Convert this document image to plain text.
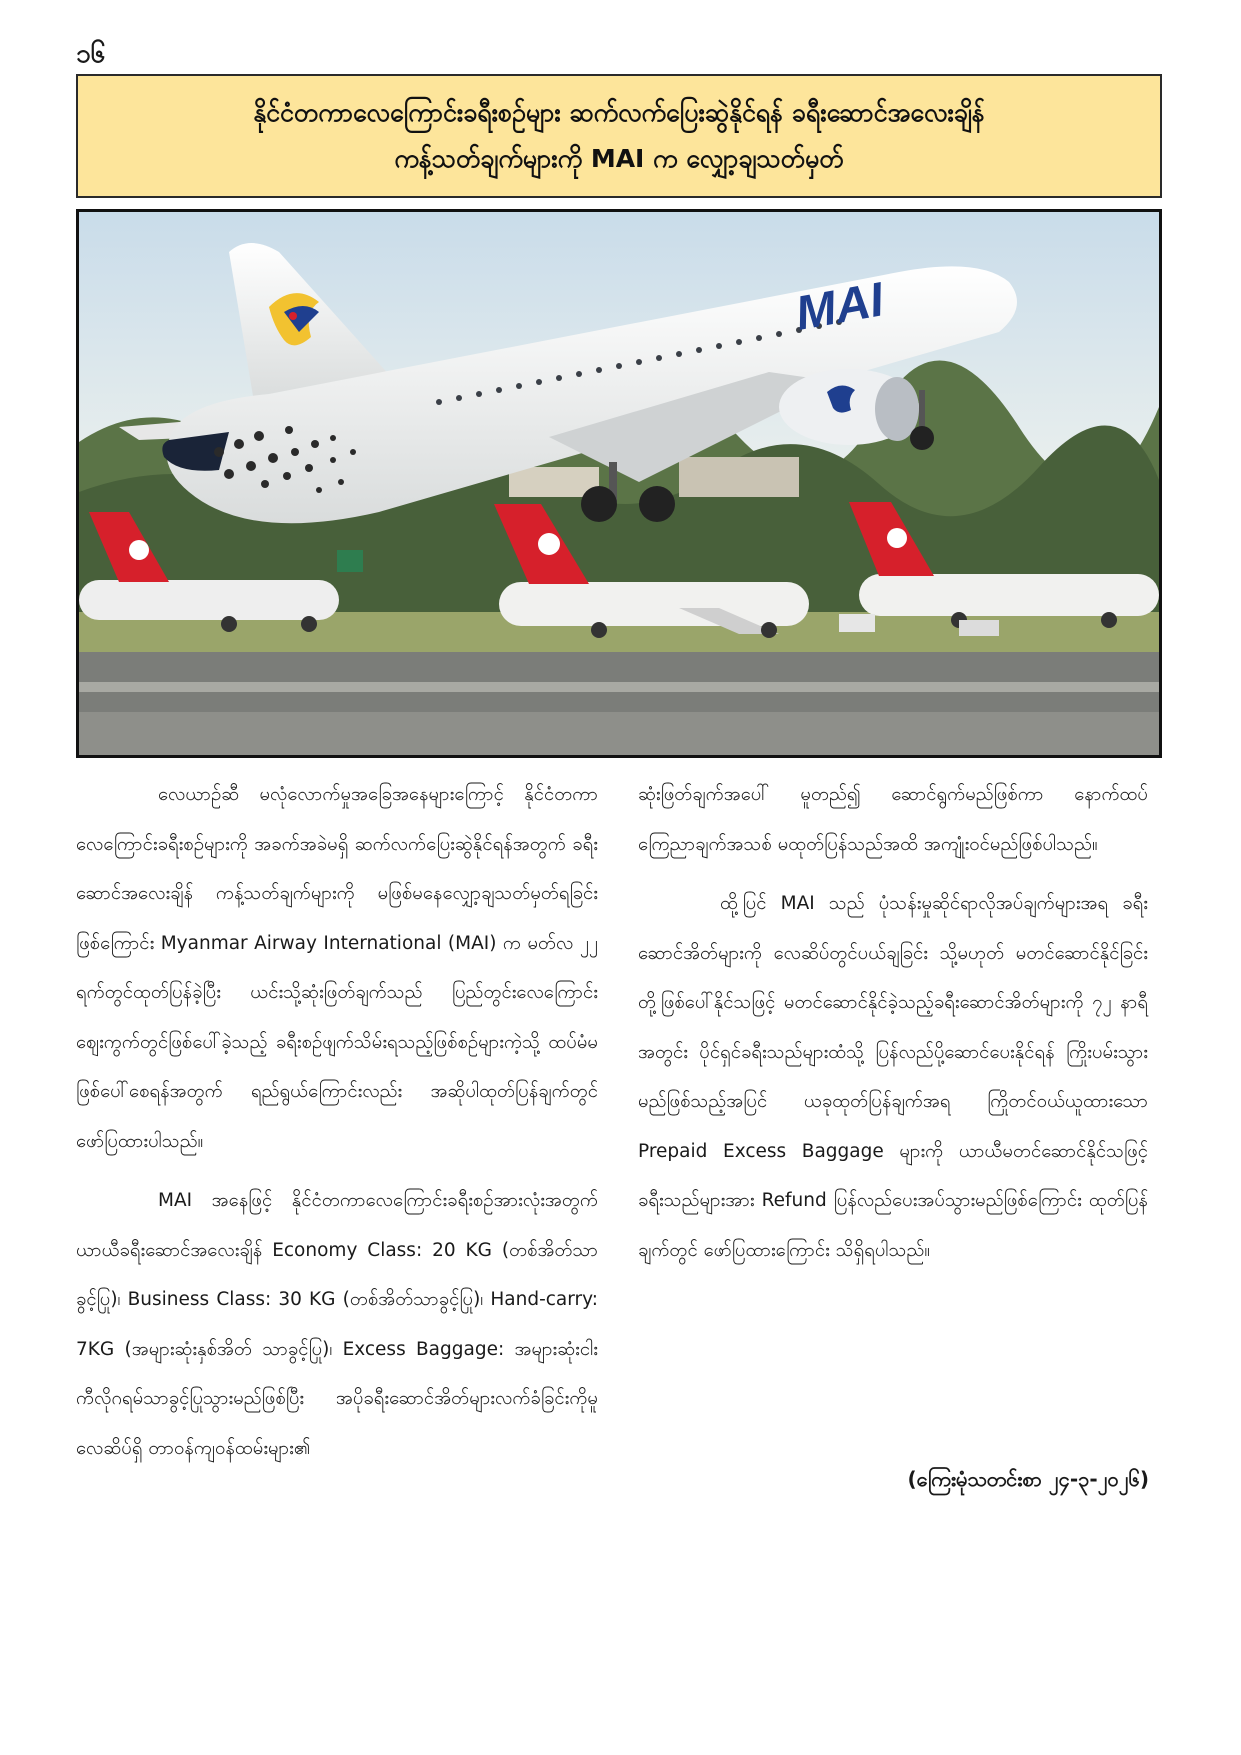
၁၆
နိုင်ငံတကာလေကြောင်းခရီးစဉ်များ ဆက်လက်ပြေးဆွဲနိုင်ရန် ခရီးဆောင်အလေးချိန်
ကန့်သတ်ချက်များကို MAI က လျှော့ချသတ်မှတ်
MAI

လေယာဉ်ဆီ မလုံလောက်မှုအခြေအနေများကြောင့် နိုင်ငံတကာလေကြောင်းခရီးစဉ်များကို အခက်အခဲမရှိ ဆက်လက်ပြေးဆွဲနိုင်ရန်အတွက် ခရီးဆောင်အလေးချိန် ကန့်သတ်ချက်များကို မဖြစ်မနေလျှော့ချသတ်မှတ်ရခြင်း ဖြစ်ကြောင်း Myanmar Airway International (MAI) က မတ်လ ၂၂ ရက်တွင်ထုတ်ပြန်ခဲ့ပြီး ယင်းသို့ဆုံးဖြတ်ချက်သည် ပြည်တွင်းလေကြောင်းဈေးကွက်တွင်ဖြစ်ပေါ်ခဲ့သည့် ခရီးစဉ်ဖျက်သိမ်းရသည့်ဖြစ်စဉ်များကဲ့သို့ ထပ်မံမဖြစ်ပေါ်စေရန်အတွက် ရည်ရွယ်ကြောင်းလည်း အဆိုပါထုတ်ပြန်ချက်တွင် ဖော်ပြထားပါသည်။

MAI အနေဖြင့် နိုင်ငံတကာလေကြောင်းခရီးစဉ်အားလုံးအတွက် ယာယီခရီးဆောင်အလေးချိန် Economy Class: 20 KG (တစ်အိတ်သာခွင့်ပြု)၊ Business Class: 30 KG (တစ်အိတ်သာခွင့်ပြု)၊ Hand-carry: 7KG (အများဆုံးနှစ်အိတ် သာခွင့်ပြု)၊ Excess Baggage: အများဆုံးငါးကီလိုဂရမ်သာခွင့်ပြုသွားမည်ဖြစ်ပြီး အပိုခရီးဆောင်အိတ်များလက်ခံခြင်းကိုမူ လေဆိပ်ရှိ တာဝန်ကျဝန်ထမ်းများ၏

ဆုံးဖြတ်ချက်အပေါ် မူတည်၍ ဆောင်ရွက်မည်ဖြစ်ကာ နောက်ထပ်ကြေညာချက်အသစ် မထုတ်ပြန်သည်အထိ အကျုံးဝင်မည်ဖြစ်ပါသည်။

ထို့ပြင် MAI သည် ပုံသန်းမှုဆိုင်ရာလိုအပ်ချက်များအရ ခရီးဆောင်အိတ်များကို လေဆိပ်တွင်ပယ်ချခြင်း သို့မဟုတ် မတင်ဆောင်နိုင်ခြင်းတို့ဖြစ်ပေါ်နိုင်သဖြင့် မတင်ဆောင်နိုင်ခဲ့သည့်ခရီးဆောင်အိတ်များကို ၇၂ နာရီအတွင်း ပိုင်ရှင်ခရီးသည်များထံသို့ ပြန်လည်ပို့ဆောင်ပေးနိုင်ရန် ကြိုးပမ်းသွားမည်ဖြစ်သည့်အပြင် ယခုထုတ်ပြန်ချက်အရ ကြိုတင်ဝယ်ယူထားသော Prepaid Excess Baggage များကို ယာယီမတင်ဆောင်နိုင်သဖြင့် ခရီးသည်များအား Refund ပြန်လည်ပေးအပ်သွားမည်ဖြစ်ကြောင်း ထုတ်ပြန်ချက်တွင် ဖော်ပြထားကြောင်း သိရှိရပါသည်။

(ကြေးမုံသတင်းစာ ၂၄-၃-၂၀၂၆)
